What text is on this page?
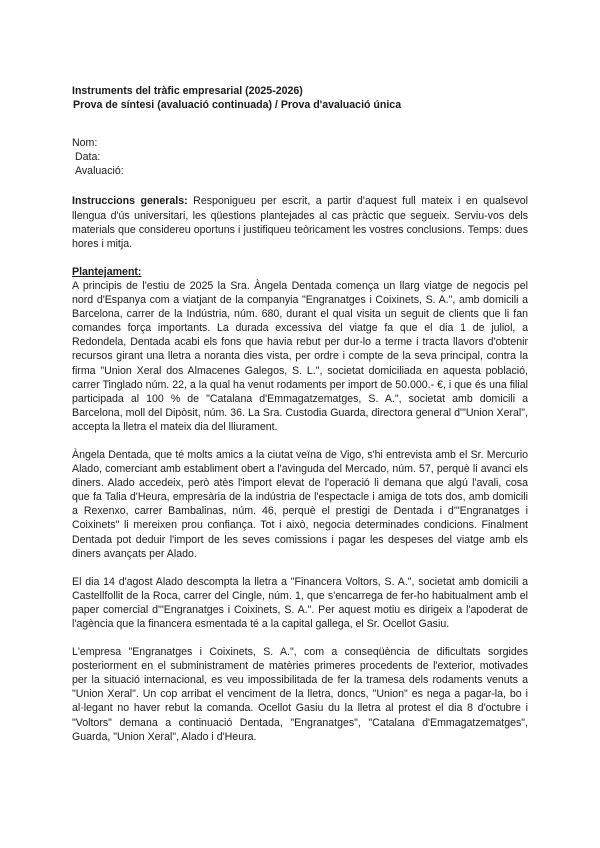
Instruments del tràfic empresarial (2025-2026)
Prova de síntesi (avaluació continuada) / Prova d'avaluació única
Nom:
Data:
Avaluació:

Instruccions generals: Responigueu per escrit, a partir d'aquest full mateix i en qualsevol llengua d'ús universitari, les qüestions plantejades al cas pràctic que segueix. Serviu-vos dels materials que considereu oportuns i justifiqueu teòricament les vostres conclusions. Temps: dues hores i mitja.

Plantejament:

A principis de l'estiu de 2025 la Sra. Àngela Dentada comença un llarg viatge de negocis pel nord d'Espanya com a viatjant de la companyia "Engranatges i Coixinets, S. A.", amb domicili a Barcelona, carrer de la Indústria, núm. 680, durant el qual visita un seguit de clients que li fan comandes força importants. La durada excessiva del viatge fa que el dia 1 de juliol, a Redondela, Dentada acabi els fons que havia rebut per dur-lo a terme i tracta llavors d'obtenir recursos girant una lletra a noranta dies vista, per ordre i compte de la seva principal, contra la firma "Union Xeral dos Almacenes Galegos, S. L.", societat domiciliada en aquesta població, carrer Tinglado núm. 22, a la qual ha venut rodaments per import de 50.000.- €, i que és una filial participada al 100 % de "Catalana d'Emmagatzematges, S. A.", societat amb domicili a Barcelona, moll del Dipòsit, núm. 36. La Sra. Custodia Guarda, directora general d'"Union Xeral", accepta la lletra el mateix dia del lliurament.

Àngela Dentada, que té molts amics a la ciutat veïna de Vigo, s'hi entrevista amb el Sr. Mercurio Alado, comerciant amb establiment obert a l'avinguda del Mercado, núm. 57, perquè li avanci els diners. Alado accedeix, però atès l'import elevat de l'operació li demana que algú l'avali, cosa que fa Talia d'Heura, empresària de la indústria de l'espectacle i amiga de tots dos, amb domicili a Rexenxo, carrer Bambalinas, núm. 46, perquè el prestigi de Dentada i d'"Engranatges i Coixinets" li mereixen prou confiança. Tot i això, negocia determinades condicions. Finalment Dentada pot deduir l'import de les seves comissions i pagar les despeses del viatge amb els diners avançats per Alado.

El dia 14 d'agost Alado descompta la lletra a "Financera Voltors, S. A.", societat amb domicili a Castellfollit de la Roca, carrer del Cingle, núm. 1, que s'encarrega de fer-ho habitualment amb el paper comercial d'"Engranatges i Coixinets, S. A.". Per aquest motiu es dirigeix a l'apoderat de l'agència que la financera esmentada té a la capital gallega, el Sr. Ocellot Gasiu.

L'empresa "Engranatges i Coixinets, S. A.", com a conseqüència de dificultats sorgides posteriorment en el subministrament de matèries primeres procedents de l'exterior, motivades per la situació internacional, es veu impossibilitada de fer la tramesa dels rodaments venuts a "Union Xeral". Un cop arribat el venciment de la lletra, doncs, "Union" es nega a pagar-la, bo i al·legant no haver rebut la comanda. Ocellot Gasiu du la lletra al protest el dia 8 d'octubre i "Voltors" demana a continuació Dentada, "Engranatges", "Catalana d'Emmagatzematges", Guarda, "Union Xeral", Alado i d'Heura.
